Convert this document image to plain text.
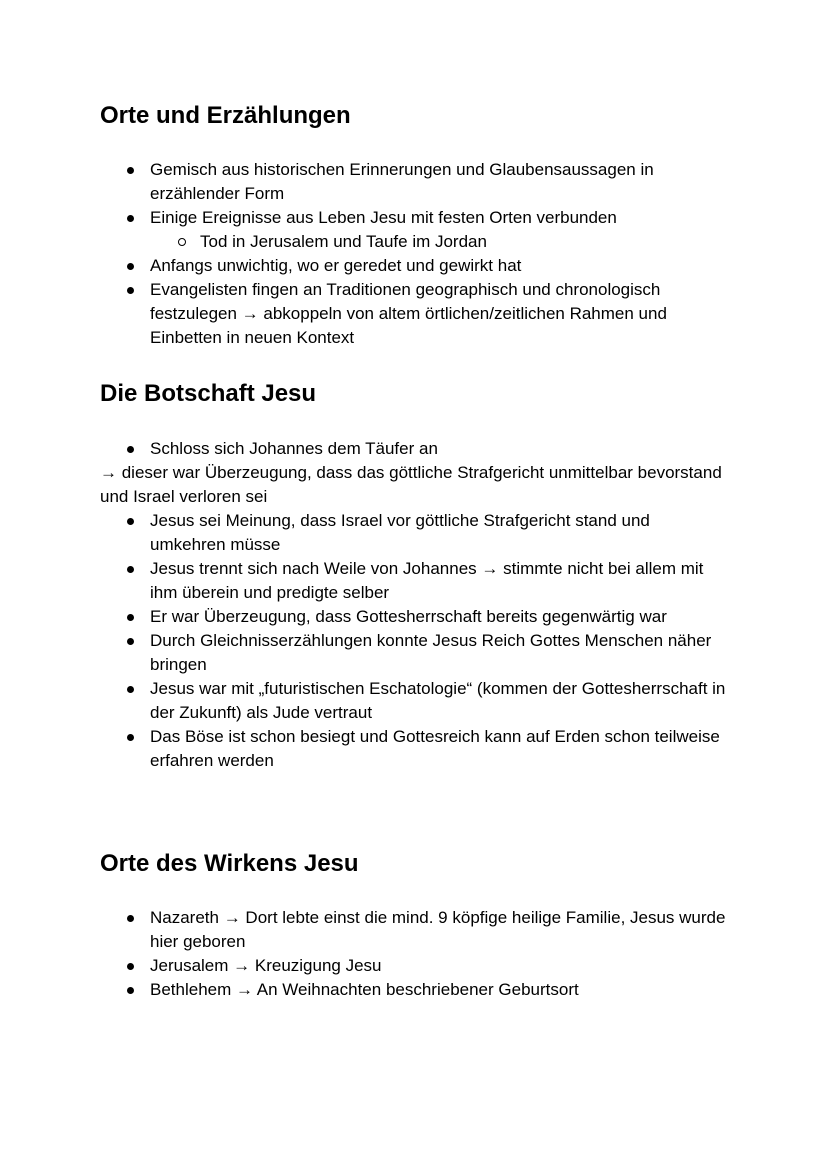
Orte und Erzählungen
Gemisch aus historischen Erinnerungen und Glaubensaussagen in erzählender Form
Einige Ereignisse aus Leben Jesu mit festen Orten verbunden
Tod in Jerusalem und Taufe im Jordan
Anfangs unwichtig, wo er geredet und gewirkt hat
Evangelisten fingen an Traditionen geographisch und chronologisch festzulegen → abkoppeln von altem örtlichen/zeitlichen Rahmen und Einbetten in neuen Kontext
Die Botschaft Jesu
Schloss sich Johannes dem Täufer an

→ dieser war Überzeugung, dass das göttliche Strafgericht unmittelbar bevorstand und Israel verloren sei

Jesus sei Meinung, dass Israel vor göttliche Strafgericht stand und umkehren müsse
Jesus trennt sich nach Weile von Johannes → stimmte nicht bei allem mit ihm überein und predigte selber
Er war Überzeugung, dass Gottesherrschaft bereits gegenwärtig war
Durch Gleichnisserzählungen konnte Jesus Reich Gottes Menschen näher bringen
Jesus war mit „futuristischen Eschatologie“ (kommen der Gottesherrschaft in der Zukunft) als Jude vertraut
Das Böse ist schon besiegt und Gottesreich kann auf Erden schon teilweise erfahren werden
Orte des Wirkens Jesu
Nazareth → Dort lebte einst die mind. 9 köpfige heilige Familie, Jesus wurde hier geboren
Jerusalem → Kreuzigung Jesu
Bethlehem → An Weihnachten beschriebener Geburtsort
